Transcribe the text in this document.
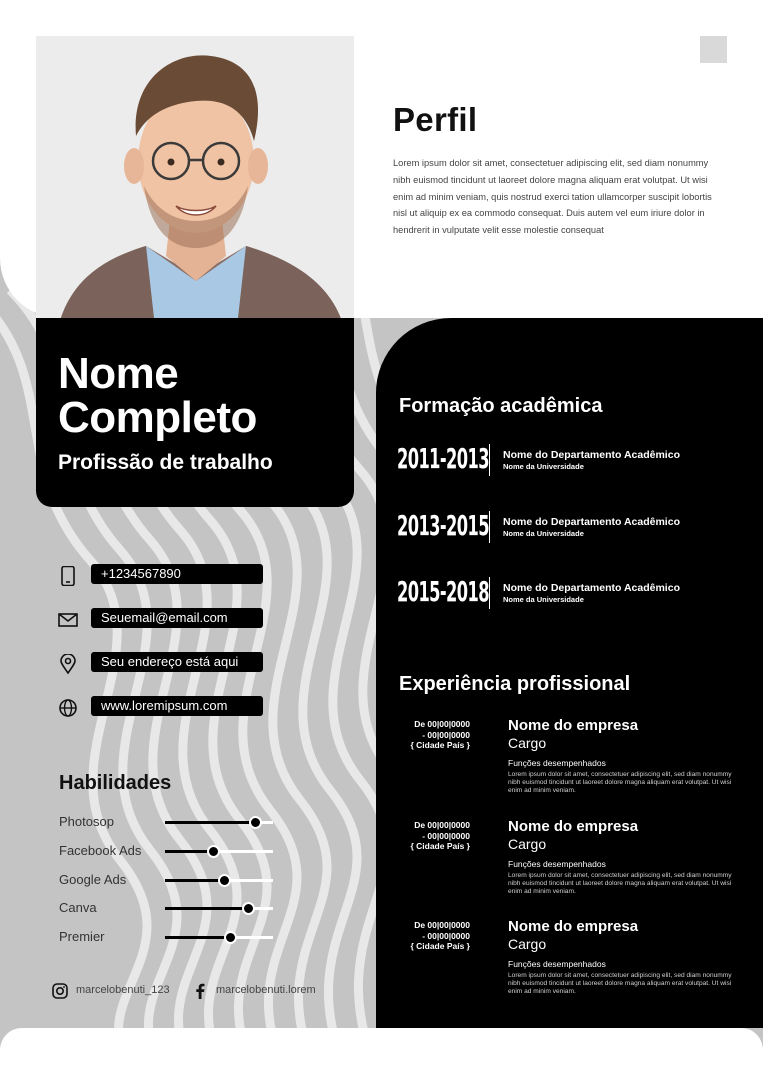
Perfil
Lorem ipsum dolor sit amet, consectetuer adipiscing elit, sed diam nonummy nibh euismod tincidunt ut laoreet dolore magna aliquam erat volutpat. Ut wisi enim ad minim veniam, quis nostrud exerci tation ullamcorper suscipit lobortis nisl ut aliquip ex ea commodo consequat. Duis autem vel eum iriure dolor in hendrerit in vulputate velit esse molestie consequat
Nome
Completo
Profissão de trabalho
+1234567890
Seuemail@email.com
Seu endereço está aqui
www.loremipsum.com
Habilidades
Photosop
Facebook Ads
Google Ads
Canva
Premier
marcelobenuti_123	marcelobenuti.lorem
Formação acadêmica
2011-2013 Nome do Departamento Acadêmico
Nome da Universidade
2013-2015 Nome do Departamento Acadêmico
Nome da Universidade
2015-2018 Nome do Departamento Acadêmico
Nome da Universidade
Experiência profissional
De 00|00|0000
- 00|00|0000
{ Cidade País }
Nome do empresa
Cargo
Funções desempenhados
Lorem ipsum dolor sit amet, consectetuer adipiscing elit, sed diam nonummy nibh euismod tincidunt ut laoreet dolore magna aliquam erat volutpat. Ut wisi enim ad minim veniam.
De 00|00|0000
- 00|00|0000
{ Cidade País }
Nome do empresa
Cargo
Funções desempenhados
Lorem ipsum dolor sit amet, consectetuer adipiscing elit, sed diam nonummy nibh euismod tincidunt ut laoreet dolore magna aliquam erat volutpat. Ut wisi enim ad minim veniam.
De 00|00|0000
- 00|00|0000
{ Cidade País }
Nome do empresa
Cargo
Funções desempenhados
Lorem ipsum dolor sit amet, consectetuer adipiscing elit, sed diam nonummy nibh euismod tincidunt ut laoreet dolore magna aliquam erat volutpat. Ut wisi enim ad minim veniam.
